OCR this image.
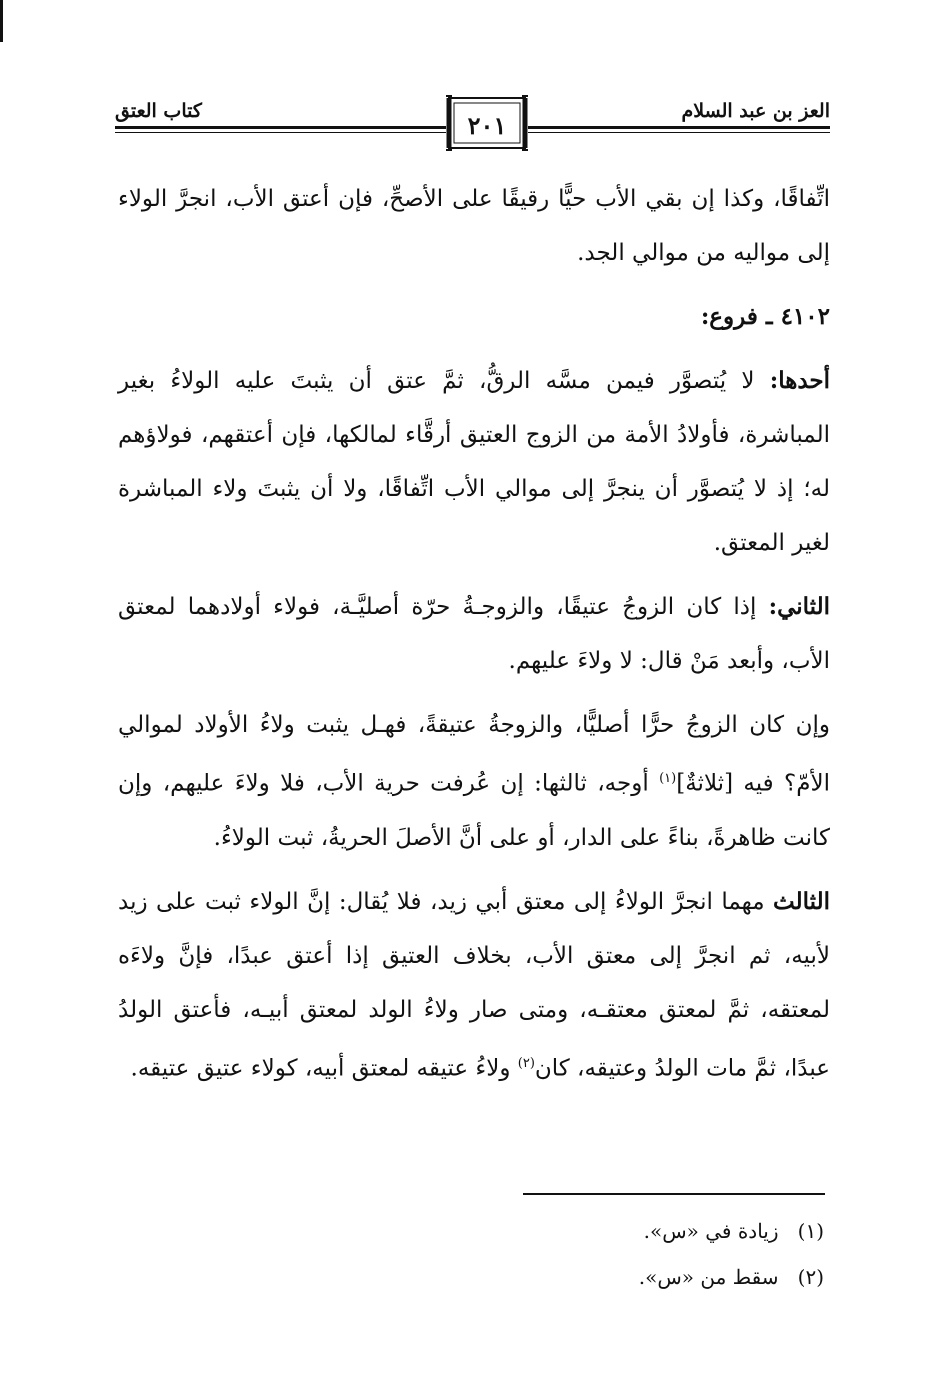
العز بن عبد السلام
كتاب العتق	٢٠١

اتِّفاقًا، وكذا إن بقي الأب حيًّا رقيقًا على الأصحِّ، فإن أعتق الأب، انجرَّ الولاء إلى مواليه من موالي الجد.

٤١٠٢ ـ فروع:

أحدها: لا يُتصوَّر فيمن مسَّه الرقُّ، ثمَّ عتق أن يثبتَ عليه الولاءُ بغير المباشرة، فأولادُ الأمة من الزوج العتيق أرقَّاء لمالكها، فإن أعتقهم، فولاؤهم له؛ إذ لا يُتصوَّر أن ينجرَّ إلى موالي الأب اتِّفاقًا، ولا أن يثبتَ ولاء المباشرة لغير المعتق.

الثاني: إذا كان الزوجُ عتيقًا، والزوجـةُ حرّة أصليَّـة، فولاء أولادهما لمعتق الأب، وأبعد مَنْ قال: لا ولاءَ عليهم.

وإن كان الزوجُ حرًّا أصليًّا، والزوجةُ عتيقةً، فهـل يثبت ولاءُ الأولاد لموالي الأمّ؟ فيه [ثلاثةٌ]$^{(١)}$ أوجه، ثالثها: إن عُرفت حرية الأب، فلا ولاءَ عليهم، وإن كانت ظاهرةً، بناءً على الدار، أو على أنَّ الأصلَ الحريةُ، ثبت الولاءُ.

الثالث مهما انجرَّ الولاءُ إلى معتق أبي زيد، فلا يُقال: إنَّ الولاء ثبت على زيد لأبيه، ثم انجرَّ إلى معتق الأب، بخلاف العتيق إذا أعتق عبدًا، فإنَّ ولاءَه لمعتقه، ثمَّ لمعتق معتقـه، ومتى صار ولاءُ الولد لمعتق أبيـه، فأعتق الولدُ عبدًا، ثمَّ مات الولدُ وعتيقه، كان$^{(٢)}$ ولاءُ عتيقه لمعتق أبيه، كولاء عتيق عتيقه.

(١)   زيادة في «س».
(٢)   سقط من «س».
